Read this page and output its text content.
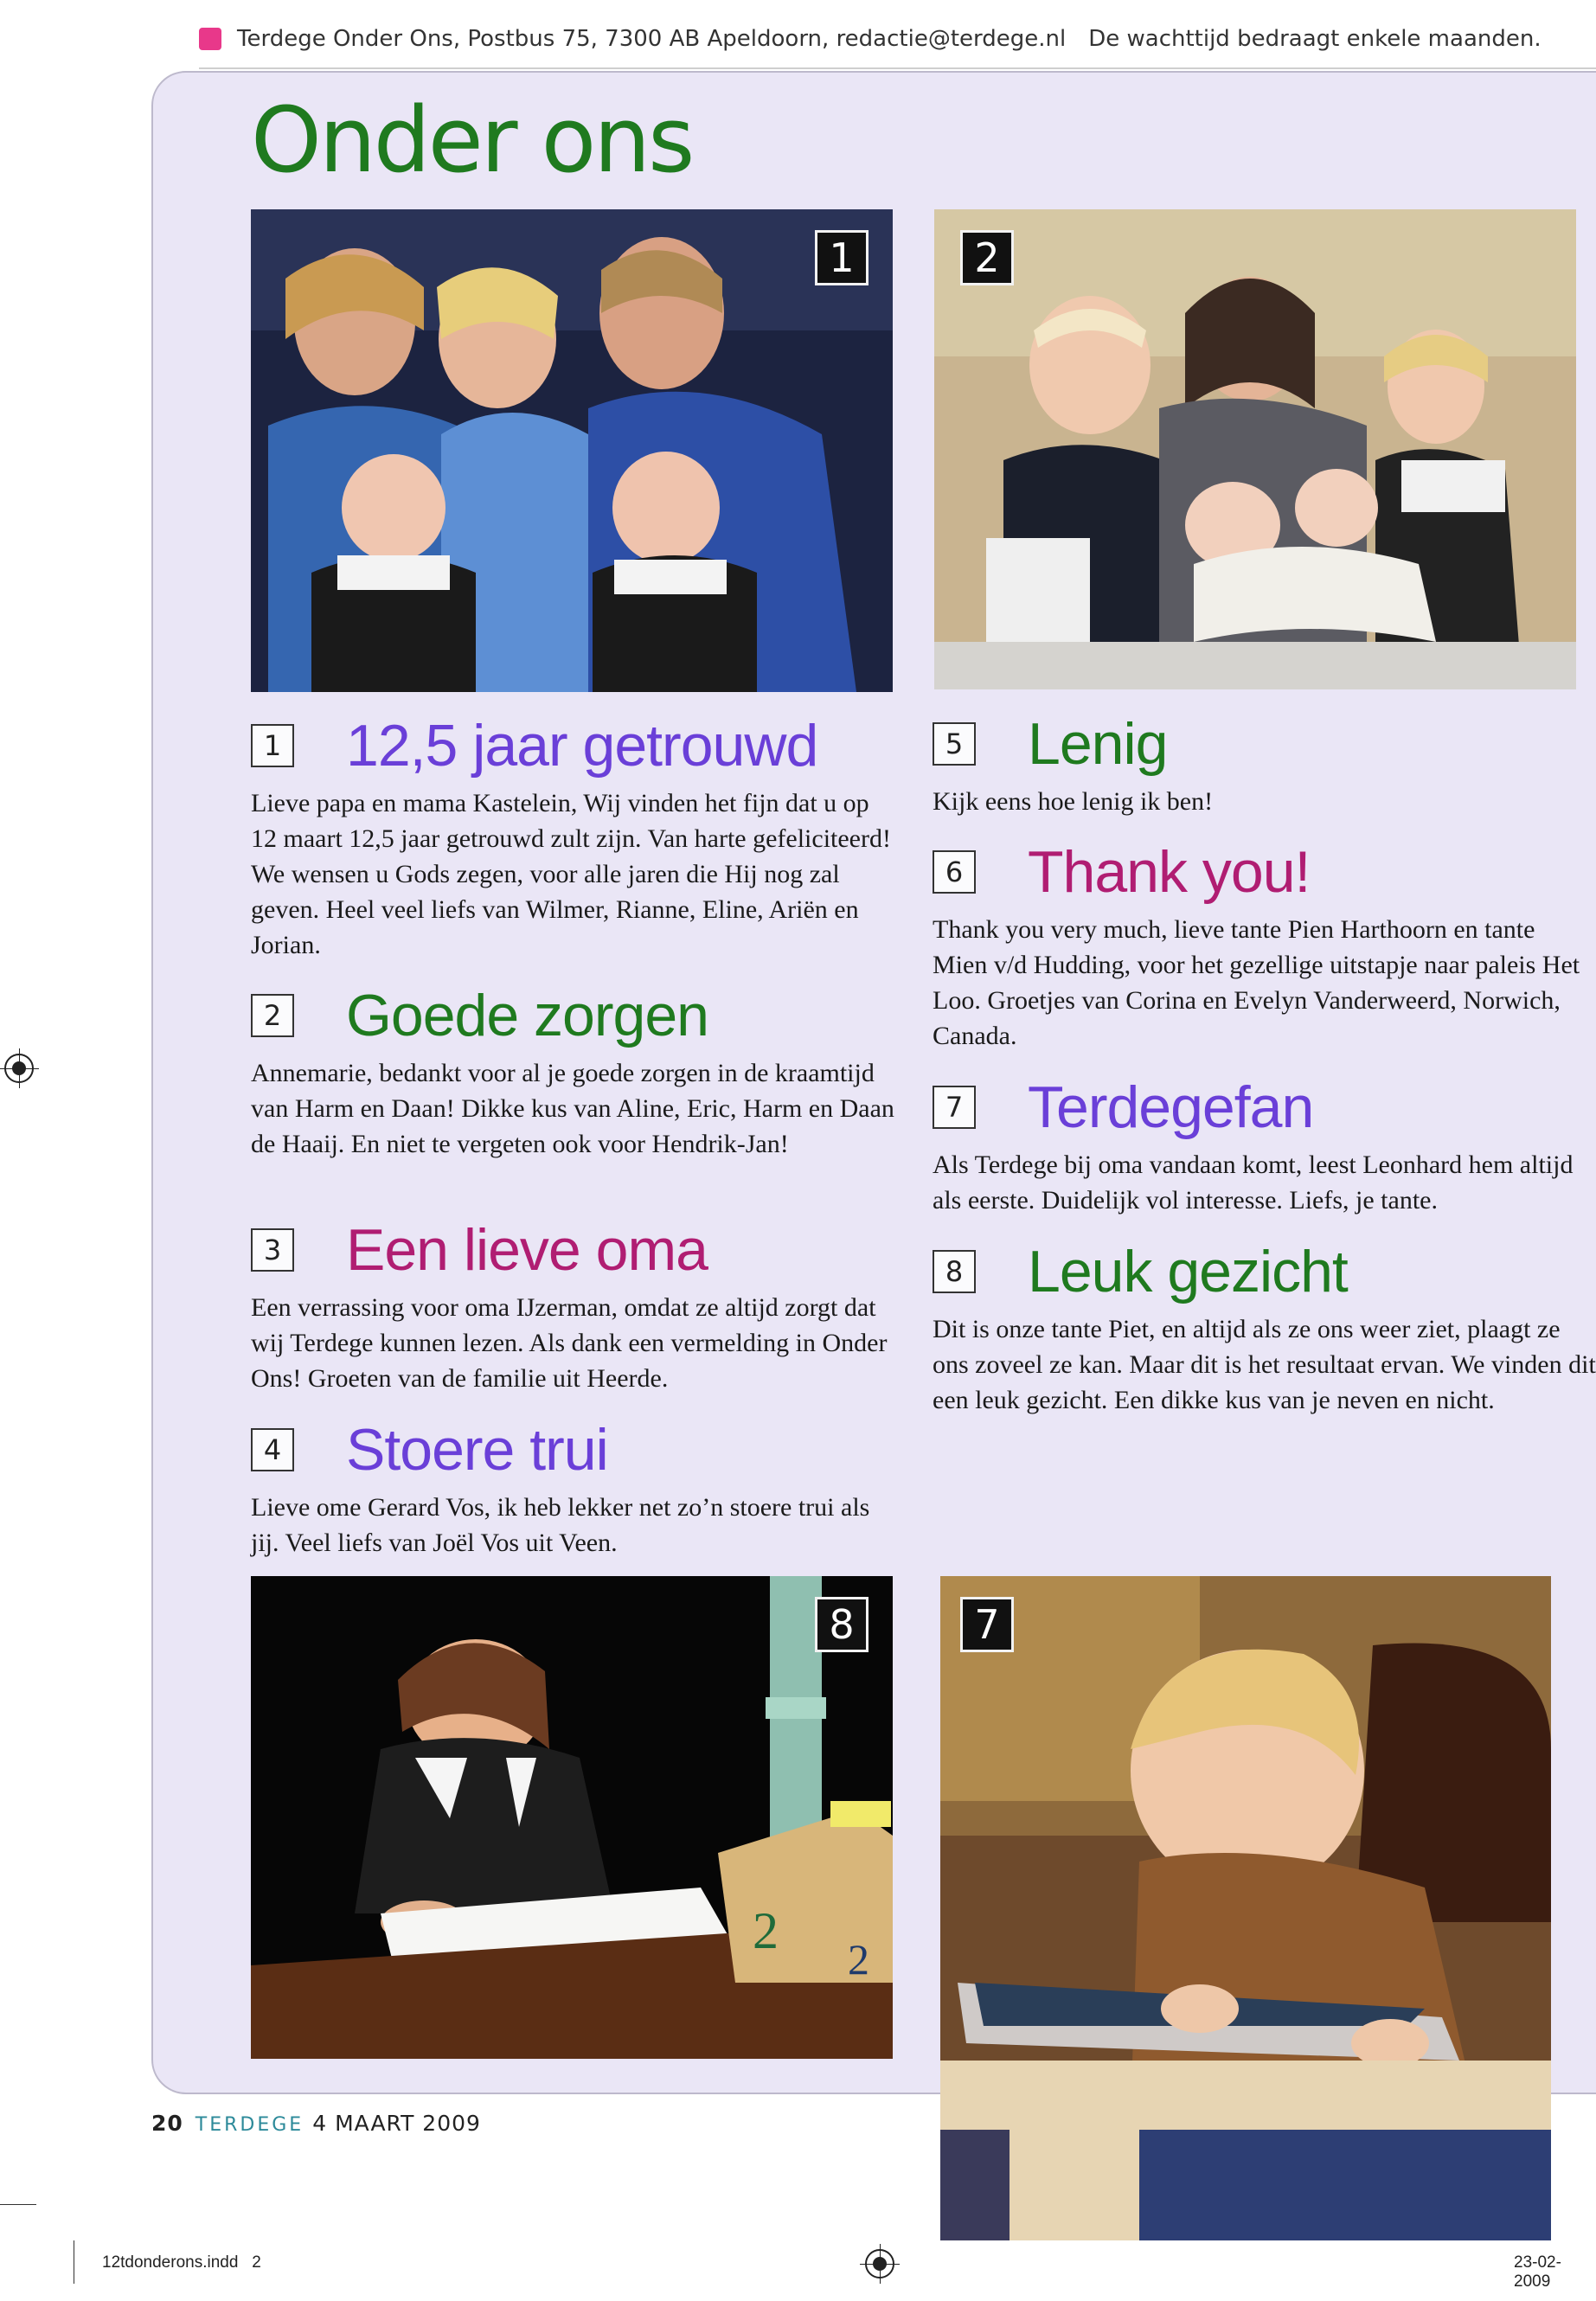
Terdege Onder Ons, Postbus 75, 7300 AB Apeldoorn, redactie@terdege.nl De wachttijd bedraagt enkele maanden.
Onder ons
1	2
2 2
8	7
1 12,5 jaar getrouwd
Lieve papa en mama Kastelein, Wij vinden het fijn dat u op 12 maart 12,5 jaar getrouwd zult zijn. Van harte gefeliciteerd! We wensen u Gods zegen, voor alle jaren die Hij nog zal geven. Heel veel liefs van Wilmer, Rianne, Eline, Ariën en Jorian.
2 Goede zorgen
Annemarie, bedankt voor al je goede zorgen in de kraamtijd van Harm en Daan! Dikke kus van Aline, Eric, Harm en Daan de Haaij. En niet te vergeten ook voor Hendrik-Jan!
3 Een lieve oma
Een verrassing voor oma IJzerman, omdat ze altijd zorgt dat wij Terdege kunnen lezen. Als dank een vermelding in Onder Ons! Groeten van de familie uit Heerde.
4 Stoere trui
Lieve ome Gerard Vos, ik heb lekker net zo’n stoere trui als jij. Veel liefs van Joël Vos uit Veen.
5 Lenig
Kijk eens hoe lenig ik ben!
6 Thank you!
Thank you very much, lieve tante Pien Harthoorn en tante Mien v/d Hudding, voor het gezellige uitstapje naar paleis Het Loo. Groetjes van Corina en Evelyn Vanderweerd, Norwich, Canada.
7 Terdegefan
Als Terdege bij oma vandaan komt, leest Leonhard hem altijd als eerste. Duidelijk vol interesse. Liefs, je tante.
8 Leuk gezicht
Dit is onze tante Piet, en altijd als ze ons weer ziet, plaagt ze ons zoveel ze kan. Maar dit is het resultaat ervan. We vinden dit een leuk gezicht. Een dikke kus van je neven en nicht.
20 TERDEGE 4 MAART 2009
12tdonderons.indd   2	23-02-2009
